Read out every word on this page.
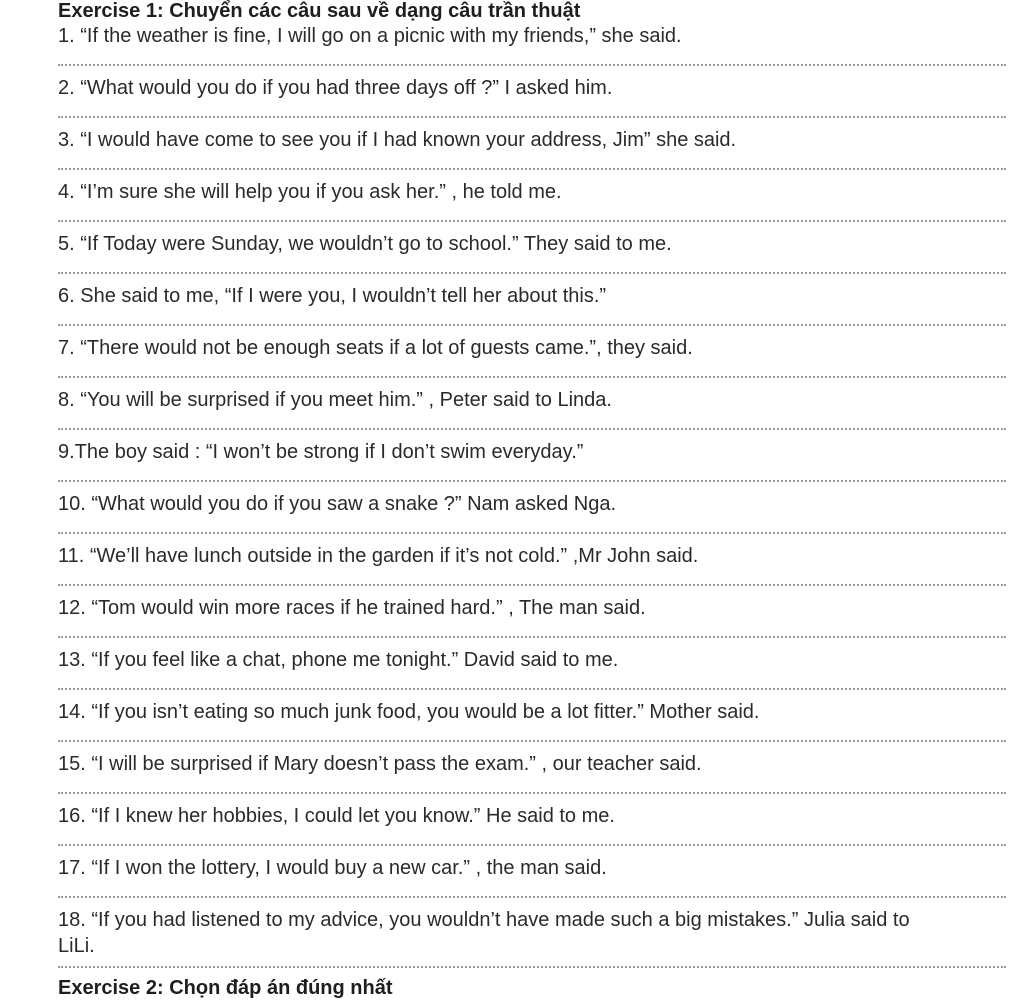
Exercise 1: Chuyển các câu sau về dạng câu trần thuật
1. “If the weather is fine, I will go on a picnic with my friends,” she said.
2. “What would you do if you had three days off ?” I asked him.
3. “I would have come to see you if I had known your address, Jim” she said.
4. “I’m sure she will help you if you ask her.” , he told me.
5. “If Today were Sunday, we wouldn’t go to school.” They said to me.
6. She said to me, “If I were you, I wouldn’t tell her about this.”
7. “There would not be enough seats if a lot of guests came.”, they said.
8. “You will be surprised if you meet him.” , Peter said to Linda.
9.The boy said : “I won’t be strong if I don’t swim everyday.”
10. “What would you do if you saw a snake ?” Nam asked Nga.
11. “We’ll have lunch outside in the garden if it’s not cold.” ,Mr John said.
12. “Tom would win more races if he trained hard.” , The man said.
13. “If you feel like a chat, phone me tonight.” David said to me.
14. “If you isn’t eating so much junk food, you would be a lot fitter.” Mother said.
15. “I will be surprised if Mary doesn’t pass the exam.” , our teacher said.
16. “If I knew her hobbies, I could let you know.” He said to me.
17. “If I won the lottery, I would buy a new car.” , the man said.
18. “If you had listened to my advice, you wouldn’t have made such a big mistakes.” Julia said to LiLi.
Exercise 2: Chọn đáp án đúng nhất
